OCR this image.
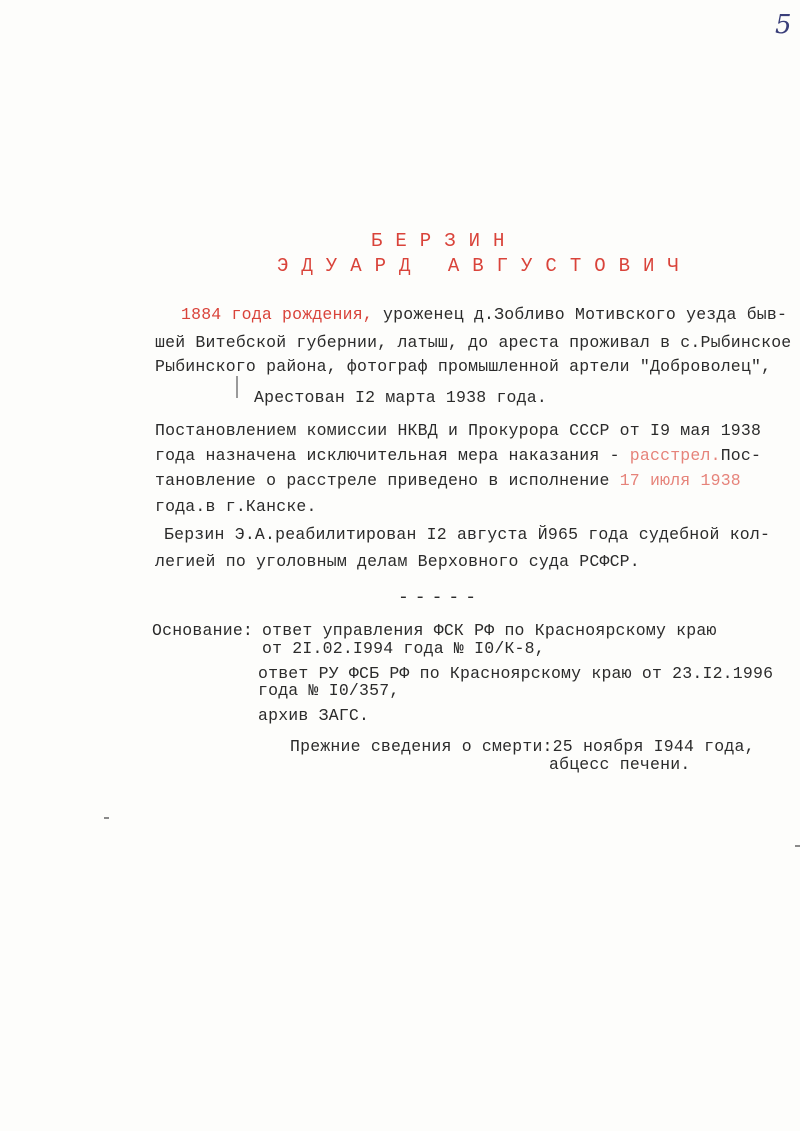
5
БЕРЗИН
ЭДУАРД АВГУСТОВИЧ
1884 года рождения, уроженец д.Зобливо Мотивского уезда быв-
шей Витебской губернии, латыш, до ареста проживал в с.Рыбинское
Рыбинского района, фотограф промышленной артели "Доброволец",
Арестован I2 марта 1938 года.
Постановлением комиссии НКВД и Прокурора СССР от I9 мая 1938
года назначена исключительная мера наказания - расстрел.Пос-
тановление о расстреле приведено в исполнение 17 июля 1938
года.в г.Канске.
Берзин Э.А.реабилитирован I2 августа Й965 года судебной кол-
легией по уголовным делам Верховного суда РСФСР.
-----
Основание: ответ управления ФСК РФ по Красноярскому краю
от 2I.02.I994 года № I0/К-8,
ответ РУ ФСБ РФ по Красноярскому краю от 23.I2.1996
года № I0/357,
архив ЗАГС.
Прежние сведения о смерти:25 ноября I944 года,
абцесс печени.
